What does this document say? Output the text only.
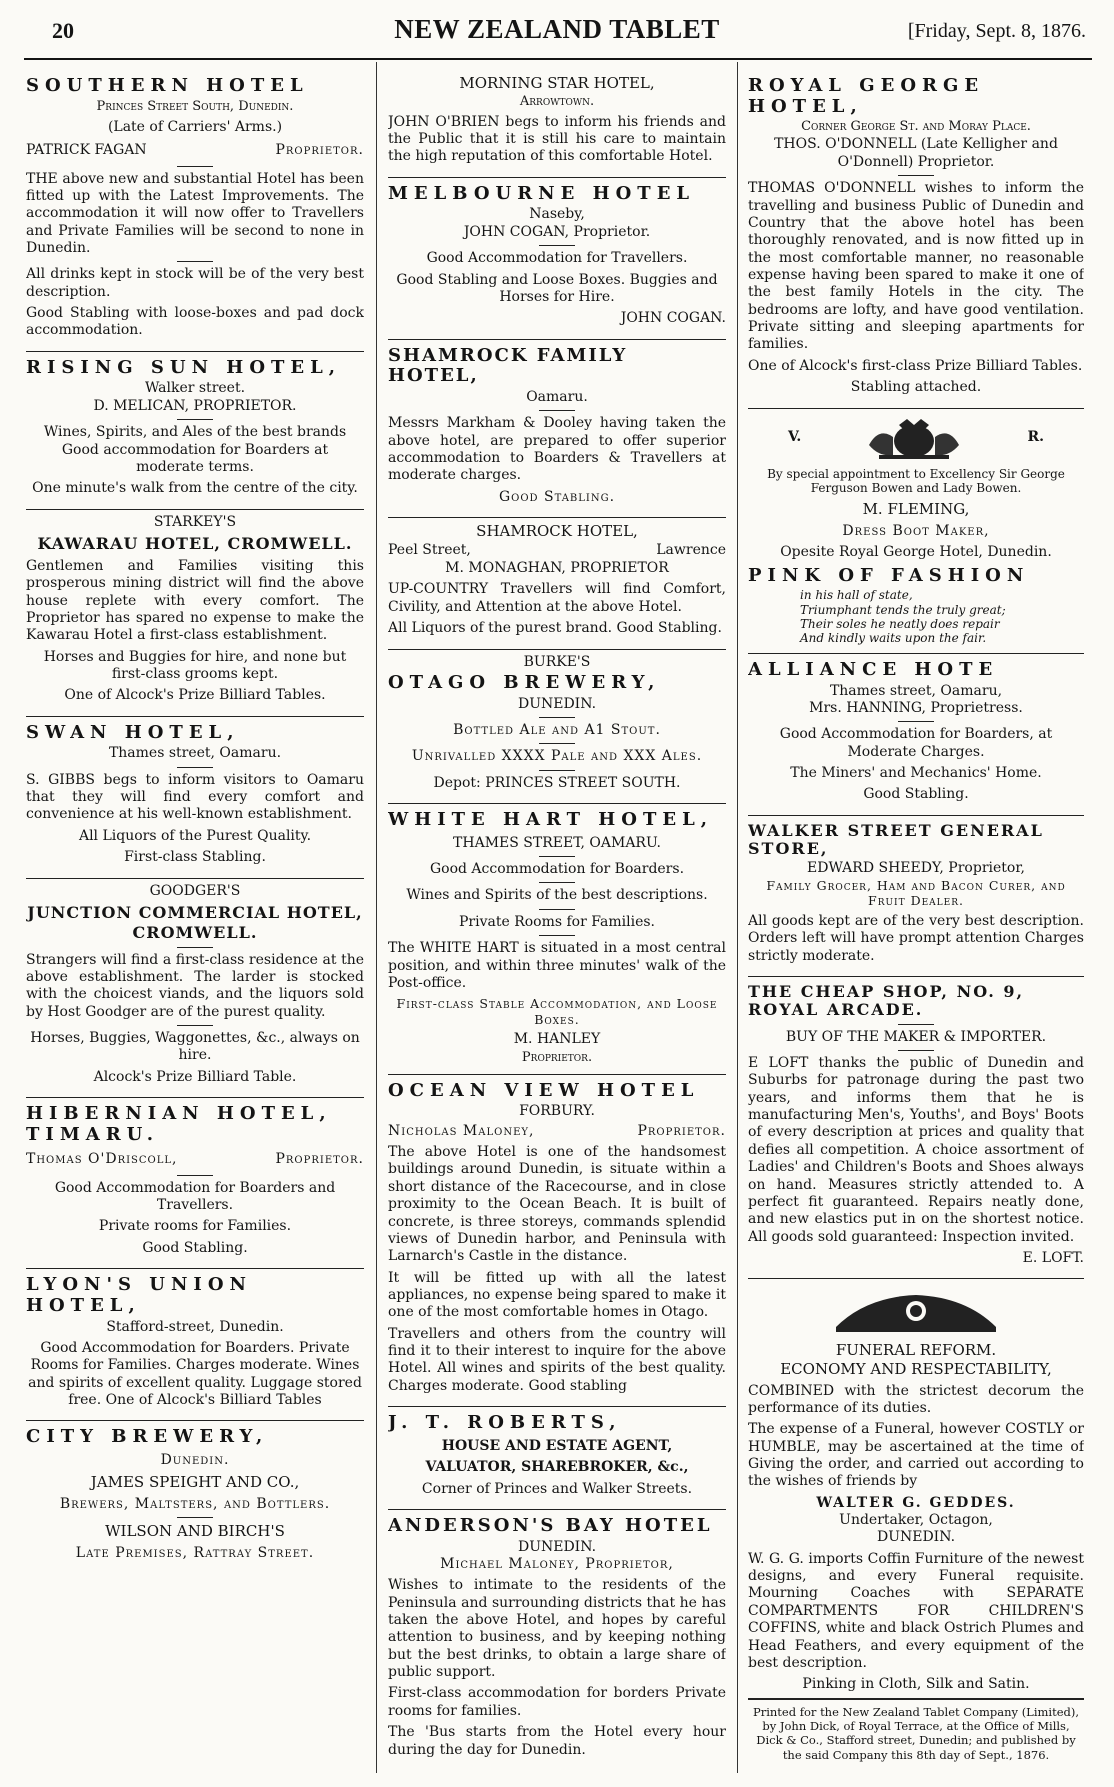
20	NEW ZEALAND TABLET	[Friday, Sept. 8, 1876.
SOUTHERN HOTEL
Princes Street South, Dunedin.

(Late of Carriers' Arms.)

PATRICK FAGAN	Proprietor.

THE above new and substantial Hotel has been fitted up with the Latest Improvements. The accommodation it will now offer to Travellers and Private Families will be second to none in Dunedin.

All drinks kept in stock will be of the very best description.

Good Stabling with loose-boxes and pad dock accommodation.

RISING SUN HOTEL,
Walker street.
D. MELICAN, PROPRIETOR.

Wines, Spirits, and Ales of the best brands Good accommodation for Boarders at moderate terms.

One minute's walk from the centre of the city.

STARKEY'S
KAWARAU HOTEL, CROMWELL.

Gentlemen and Families visiting this prosperous mining district will find the above house replete with every comfort. The Proprietor has spared no expense to make the Kawarau Hotel a first-class establishment.

Horses and Buggies for hire, and none but first-class grooms kept.

One of Alcock's Prize Billiard Tables.

SWAN HOTEL,
Thames street, Oamaru.

S. GIBBS begs to inform visitors to Oamaru that they will find every comfort and convenience at his well-known establishment.

All Liquors of the Purest Quality.

First-class Stabling.

GOODGER'S
JUNCTION COMMERCIAL HOTEL, CROMWELL.

Strangers will find a first-class residence at the above establishment. The larder is stocked with the choicest viands, and the liquors sold by Host Goodger are of the purest quality.

Horses, Buggies, Waggonettes, &c., always on hire.

Alcock's Prize Billiard Table.

HIBERNIAN HOTEL, TIMARU.
Thomas O'Driscoll,	Proprietor.

Good Accommodation for Boarders and Travellers.

Private rooms for Families.

Good Stabling.

LYON'S UNION HOTEL,
Stafford-street, Dunedin.

Good Accommodation for Boarders. Private Rooms for Families. Charges moderate. Wines and spirits of excellent quality. Luggage stored free. One of Alcock's Billiard Tables

CITY BREWERY,

Dunedin.

JAMES SPEIGHT AND CO.,

Brewers, Maltsters, and Bottlers.

WILSON AND BIRCH'S

Late Premises, Rattray Street.

MORNING STAR HOTEL,
Arrowtown.

JOHN O'BRIEN begs to inform his friends and the Public that it is still his care to maintain the high reputation of this comfortable Hotel.

MELBOURNE HOTEL
Naseby,
JOHN COGAN, Proprietor.

Good Accommodation for Travellers.

Good Stabling and Loose Boxes. Buggies and Horses for Hire.

JOHN COGAN.

SHAMROCK FAMILY HOTEL,
Oamaru.

Messrs Markham & Dooley having taken the above hotel, are prepared to offer superior accommodation to Boarders & Travellers at moderate charges.

Good Stabling.

SHAMROCK HOTEL,
Peel Street,	Lawrence
M. MONAGHAN, PROPRIETOR

UP-COUNTRY Travellers will find Comfort, Civility, and Attention at the above Hotel.

All Liquors of the purest brand. Good Stabling.

BURKE'S
OTAGO BREWERY,
DUNEDIN.

Bottled Ale and A1 Stout.

Unrivalled XXXX Pale and XXX Ales.

Depot: PRINCES STREET SOUTH.

WHITE HART HOTEL,

THAMES STREET, OAMARU.

Good Accommodation for Boarders.

Wines and Spirits of the best descriptions.

Private Rooms for Families.

The WHITE HART is situated in a most central position, and within three minutes' walk of the Post-office.

First-class Stable Accommodation, and Loose Boxes.

M. HANLEY
Proprietor.
OCEAN VIEW HOTEL
FORBURY.
Nicholas Maloney,	Proprietor.

The above Hotel is one of the handsomest buildings around Dunedin, is situate within a short distance of the Racecourse, and in close proximity to the Ocean Beach. It is built of concrete, is three storeys, commands splendid views of Dunedin harbor, and Peninsula with Larnarch's Castle in the distance.

It will be fitted up with all the latest appliances, no expense being spared to make it one of the most comfortable homes in Otago.

Travellers and others from the country will find it to their interest to inquire for the above Hotel. All wines and spirits of the best quality. Charges moderate. Good stabling

J. T. ROBERTS,

HOUSE AND ESTATE AGENT,

VALUATOR, SHAREBROKER, &c.,

Corner of Princes and Walker Streets.

ANDERSON'S BAY HOTEL
DUNEDIN.
Michael Maloney, Proprietor,

Wishes to intimate to the residents of the Peninsula and surrounding districts that he has taken the above Hotel, and hopes by careful attention to business, and by keeping nothing but the best drinks, to obtain a large share of public support.

First-class accommodation for borders Private rooms for families.

The 'Bus starts from the Hotel every hour during the day for Dunedin.

ROYAL GEORGE HOTEL,
Corner George St. and Moray Place.
THOS. O'DONNELL (Late Kelligher and O'Donnell) Proprietor.

THOMAS O'DONNELL wishes to inform the travelling and business Public of Dunedin and Country that the above hotel has been thoroughly renovated, and is now fitted up in the most comfortable manner, no reasonable expense having been spared to make it one of the best family Hotels in the city. The bedrooms are lofty, and have good ventilation. Private sitting and sleeping apartments for families.

One of Alcock's first-class Prize Billiard Tables.

Stabling attached.

V.	R.

By special appointment to Excellency Sir George Ferguson Bowen and Lady Bowen.

M. FLEMING,

Dress Boot Maker,

Opesite Royal George Hotel, Dunedin.

PINK OF FASHION
in his hall of state,
Triumphant tends the truly great;
Their soles he neatly does repair
And kindly waits upon the fair.
ALLIANCE HOTE
Thames street, Oamaru,
Mrs. HANNING, Proprietress.

Good Accommodation for Boarders, at Moderate Charges.

The Miners' and Mechanics' Home.

Good Stabling.

WALKER STREET GENERAL STORE,
EDWARD SHEEDY, Proprietor,
Family Grocer, Ham and Bacon Curer, and Fruit Dealer.

All goods kept are of the very best description. Orders left will have prompt attention Charges strictly moderate.

THE CHEAP SHOP, NO. 9, ROYAL ARCADE.

BUY OF THE MAKER & IMPORTER.

E LOFT thanks the public of Dunedin and Suburbs for patronage during the past two years, and informs them that he is manufacturing Men's, Youths', and Boys' Boots of every description at prices and quality that defies all competition. A choice assortment of Ladies' and Children's Boots and Shoes always on hand. Measures strictly attended to. A perfect fit guaranteed. Repairs neatly done, and new elastics put in on the shortest notice. All goods sold guaranteed: Inspection invited.

E. LOFT.

FUNERAL REFORM.
ECONOMY AND RESPECTABILITY,

COMBINED with the strictest decorum the performance of its duties.

The expense of a Funeral, however COSTLY or HUMBLE, may be ascertained at the time of Giving the order, and carried out according to the wishes of friends by

WALTER G. GEDDES.
Undertaker, Octagon,
DUNEDIN.

W. G. G. imports Coffin Furniture of the newest designs, and every Funeral requisite. Mourning Coaches with SEPARATE COMPARTMENTS FOR CHILDREN'S COFFINS, white and black Ostrich Plumes and Head Feathers, and every equipment of the best description.

Pinking in Cloth, Silk and Satin.

Printed for the New Zealand Tablet Company (Limited), by John Dick, of Royal Terrace, at the Office of Mills, Dick & Co., Stafford street, Dunedin; and published by the said Company this 8th day of Sept., 1876.
